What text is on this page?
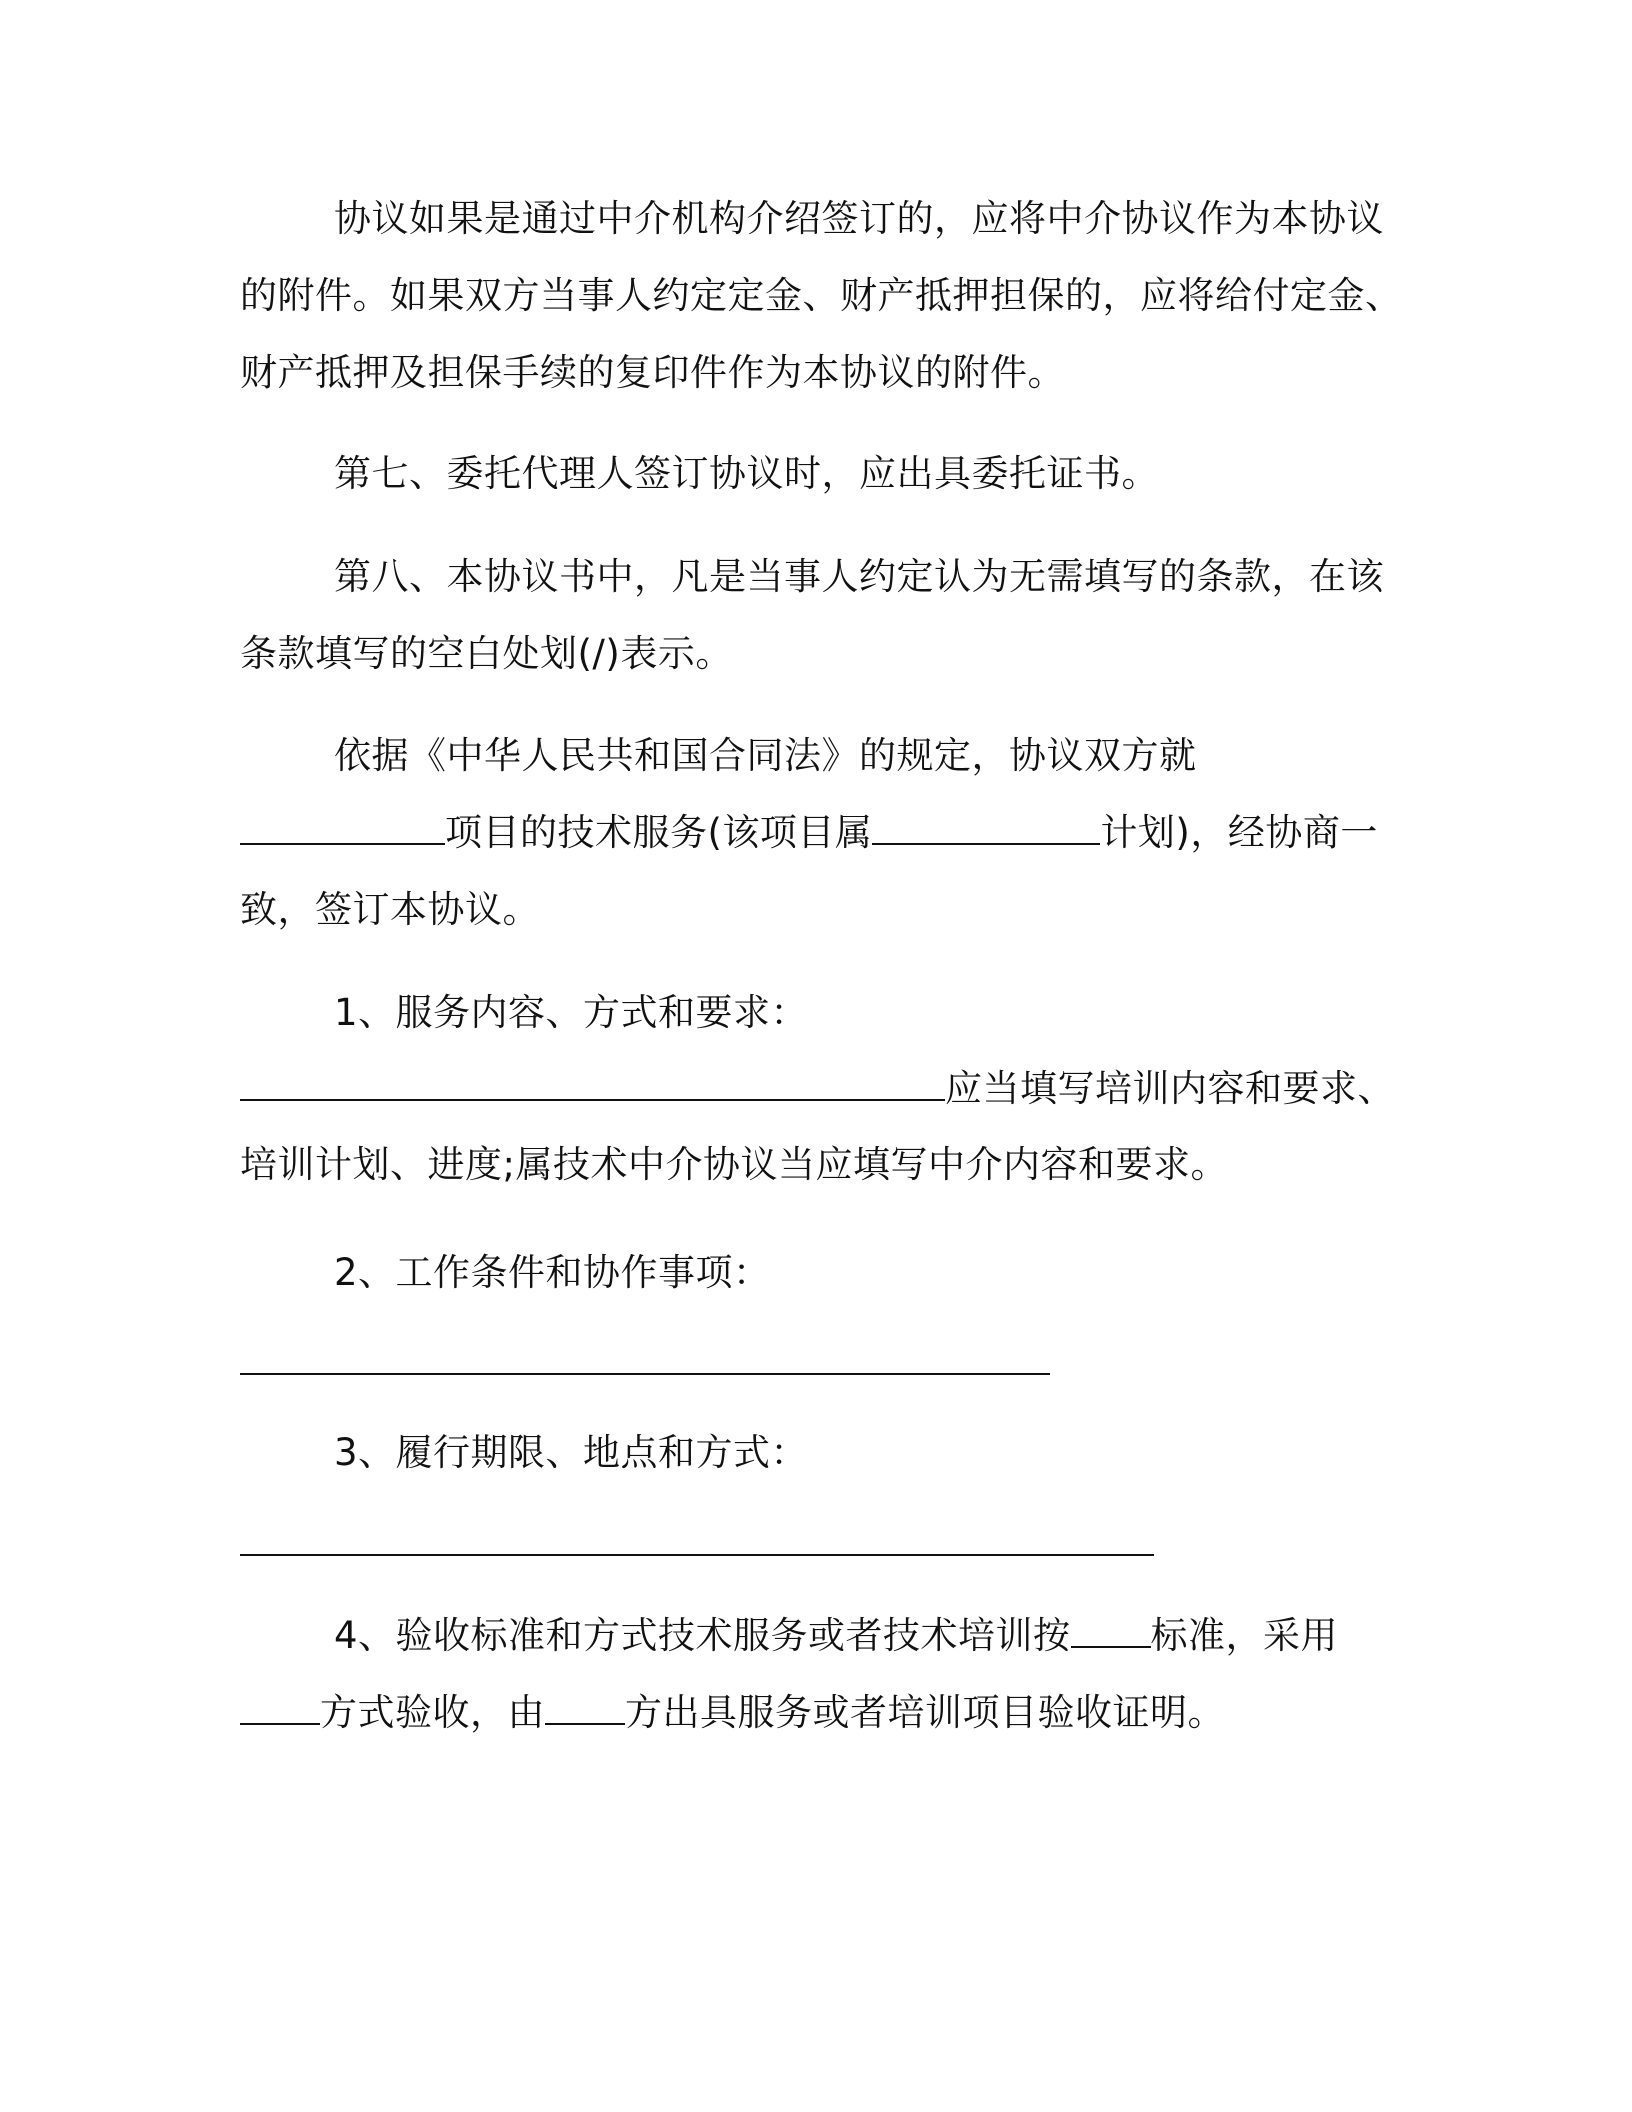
协议如果是通过中介机构介绍签订的，应将中介协议作为本协议
的附件。如果双方当事人约定定金、财产抵押担保的，应将给付定金、
财产抵押及担保手续的复印件作为本协议的附件。
第七、委托代理人签订协议时，应出具委托证书。
第八、本协议书中，凡是当事人约定认为无需填写的条款，在该
条款填写的空白处划(/)表示。
依据《中华人民共和国合同法》的规定，协议双方就
项目的技术服务(该项目属	计划)，经协商一
致，签订本协议。
1、服务内容、方式和要求：
应当填写培训内容和要求、
培训计划、进度;属技术中介协议当应填写中介内容和要求。
2、工作条件和协作事项：
3、履行期限、地点和方式：
4、验收标准和方式技术服务或者技术培训按 标准，采用
方式验收，由 方出具服务或者培训项目验收证明。
